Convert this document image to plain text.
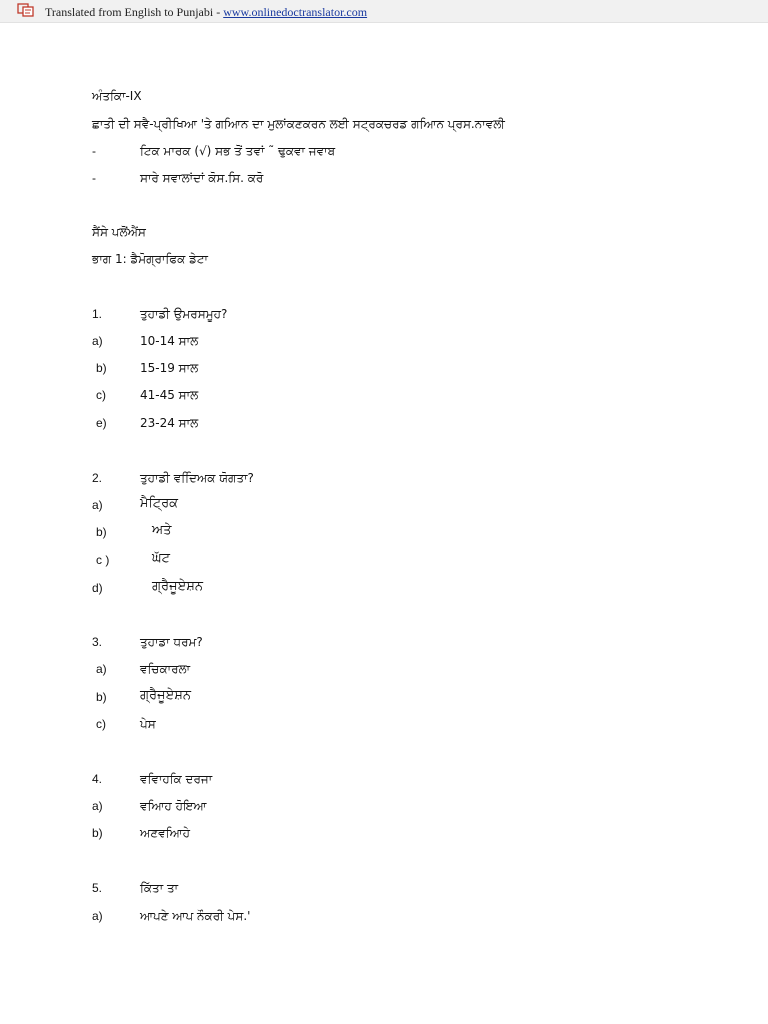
Translated from English to Punjabi - www.onlinedoctranslator.com
ਅੰਤਕਿਾ-IX
ਛਾਤੀ ਦੀ ਸਵੈ-ਪ੍ਰੀਖਿਆ 'ਤੇ ਗਆਿਨ ਦਾ ਮੁਲਾਂਕਣਕਰਨ ਲਈ ਸਟ੍ਰਕਚਰਡ ਗਆਿਨ ਪ੍ਰਸ.ਨਾਵਲੀ
-	ਟਿਕ ਮਾਰਕ (√) ਸਭ ਤੋਂ ਤਵਾਂ ˜ ਢੁਕਵਾ ਜਵਾਬ
-	ਸਾਰੇ ਸਵਾਲਾਂਦਾਂ ਕੋਸ.ਸਿ. ਕਰੋ
ਸੈਂਸੇ ਪਲੋਂਐਂਸ
ਭਾਗ 1: ਡੈਮੋਗ੍ਰਾਫਿਕ ਡੇਟਾ
1.	ਤੁਹਾਡੀ ਉਮਰਸਮੂਹ?
a)	10-14 ਸਾਲ
b)	15-19 ਸਾਲ
c)	41-45 ਸਾਲ
e)	23-24 ਸਾਲ
2.	ਤੁਹਾਡੀ ਵਦਿਿਅਕ ਯੋਗਤਾ?
a)	ਮੈਟ੍ਰਿਕ
b)	ਅਤੇ
c )	ਘੱਟ
d)	ਗ੍ਰੈਜੂਏਸ਼ਨ
3.	ਤੁਹਾਡਾ ਧਰਮ?
a)	ਵਚਿਕਾਰਲਾ
b)	ਗ੍ਰੈਜੂਏਸ਼ਨ
c)	ਪੇਸ
4.	ਵਵਿਾਹਕਿ ਦਰਜਾ
a)	ਵਆਿਹ ਹੋਇਆ
b)	ਅਣਵਆਿਹੇ
5.	ਕਿੱਤਾ ਤਾ
a)	ਆਪਣੇ ਆਪ ਨੌਕਰੀ ਪੇਸ.'
